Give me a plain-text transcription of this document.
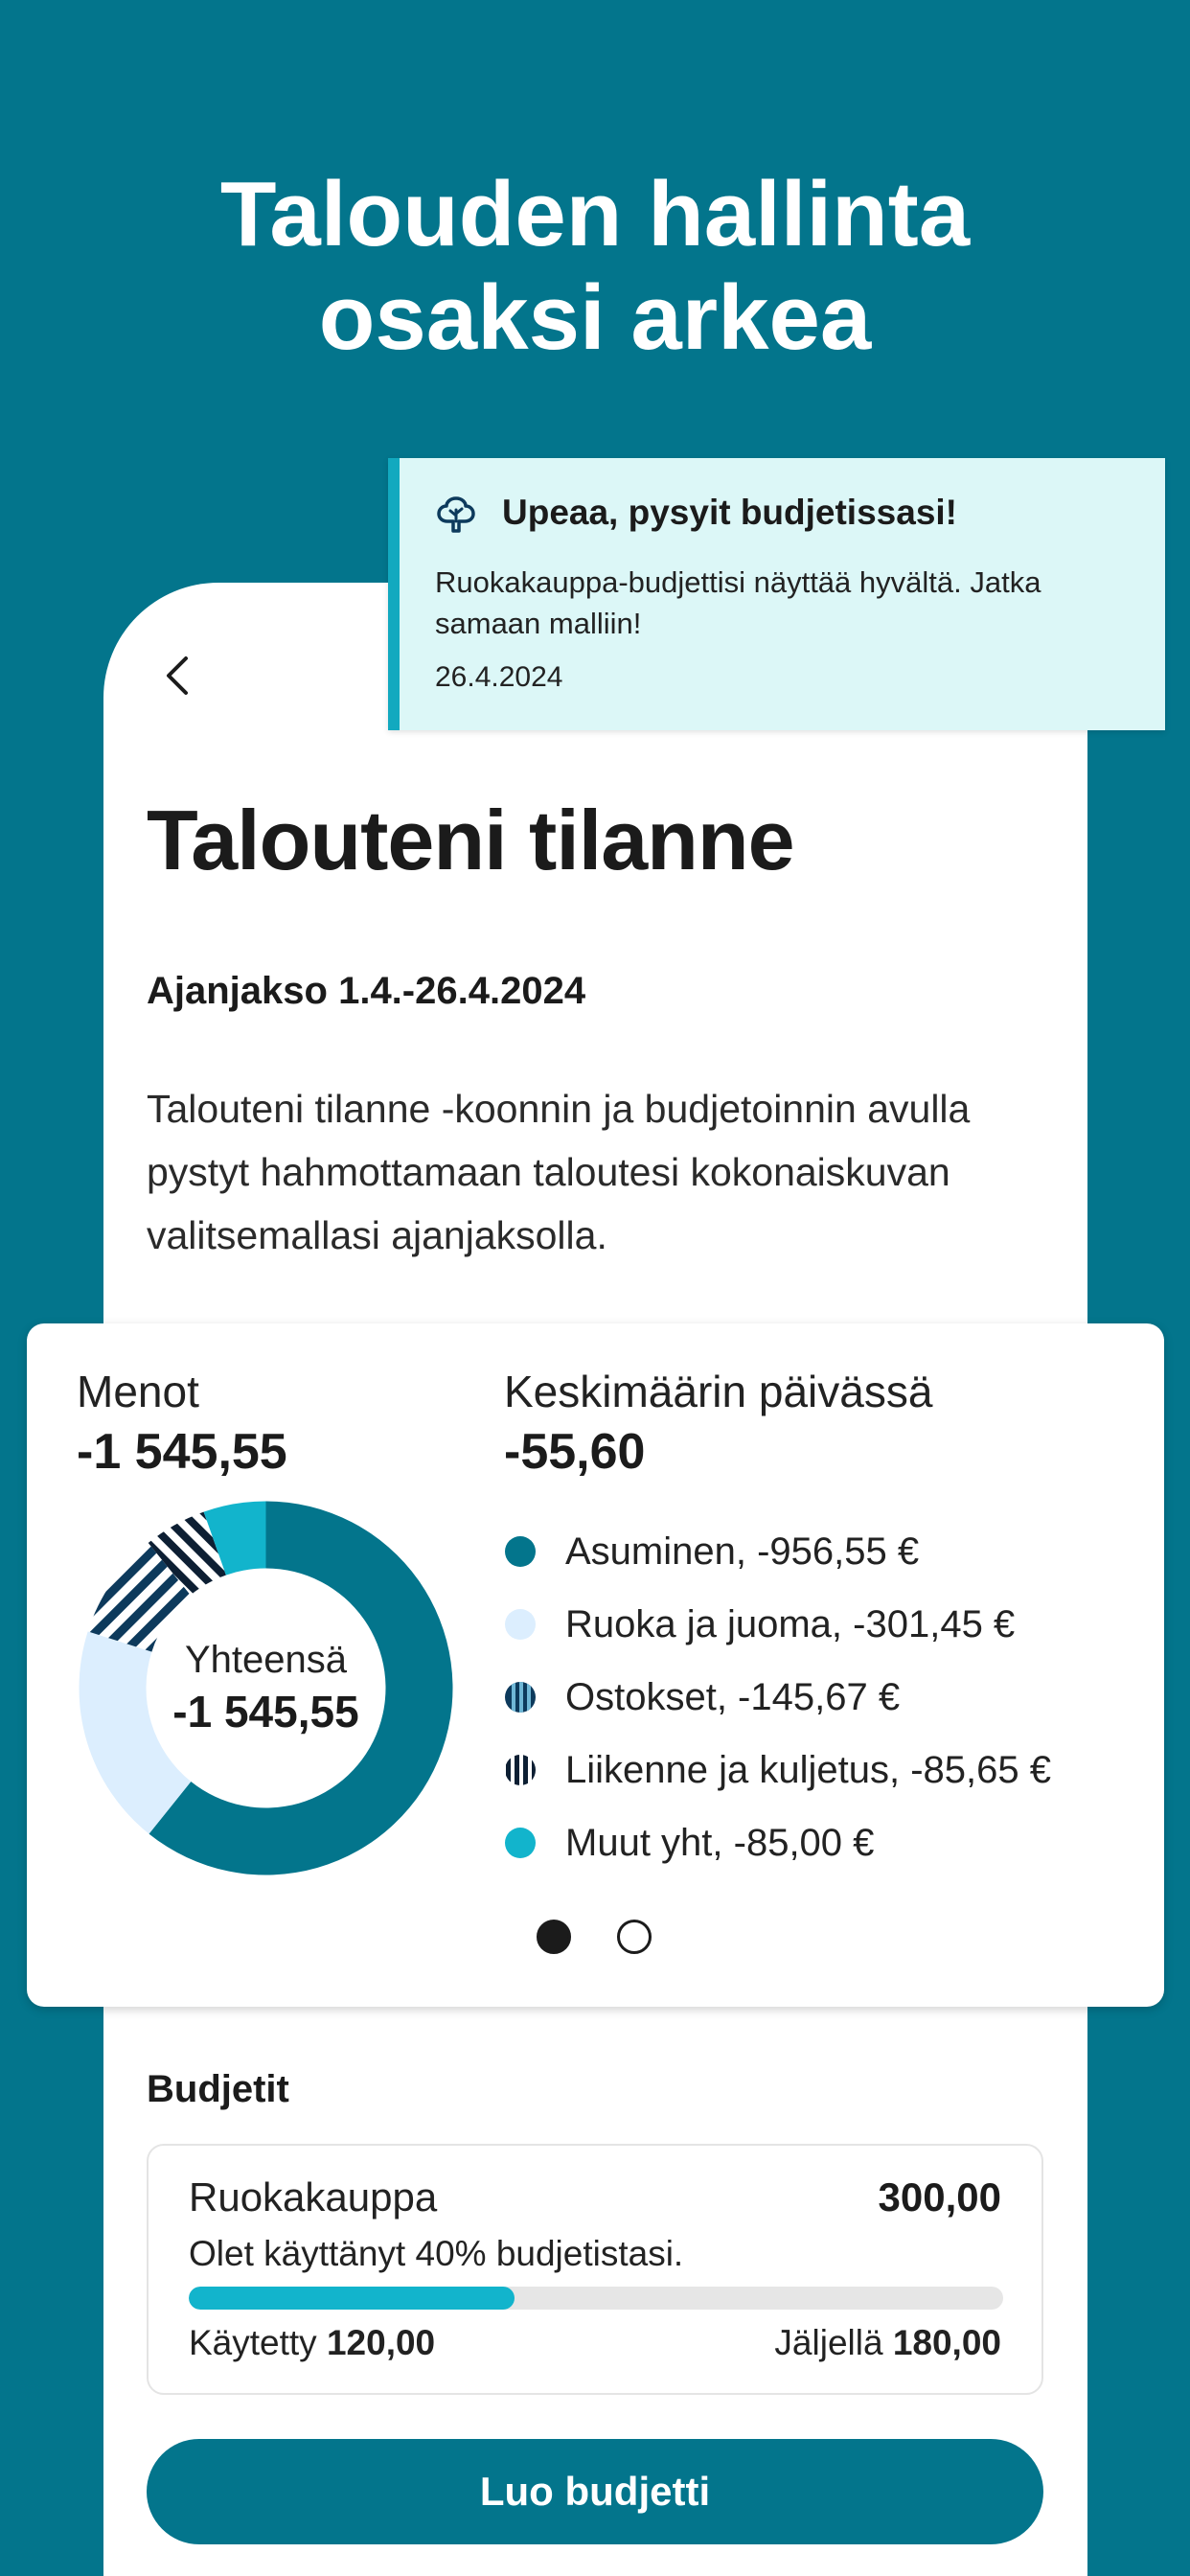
Talouden hallinta
osaksi arkea
Talouteni tilanne
Ajanjakso 1.4.-26.4.2024
Talouteni tilanne -koonnin ja budjetoinnin avulla pystyt hahmottamaan taloutesi kokonaiskuvan valitsemallasi ajanjaksolla.
Upeaa, pysyit budjetissasi!
Ruokakauppa-budjettisi näyttää hyvältä. Jatka samaan malliin!
26.4.2024
Menot
-1 545,55
Keskimäärin päivässä
-55,60
Yhteensä
-1 545,55
Asuminen, -956,55 €
Ruoka ja juoma, -301,45 €
Ostokset, -145,67 €
Liikenne ja kuljetus, -85,65 €
Muut yht, -85,00 €
Budjetit
Ruokakauppa	300,00
Olet käyttänyt 40% budjetistasi.
Käytetty 120,00	Jäljellä 180,00
Luo budjetti
